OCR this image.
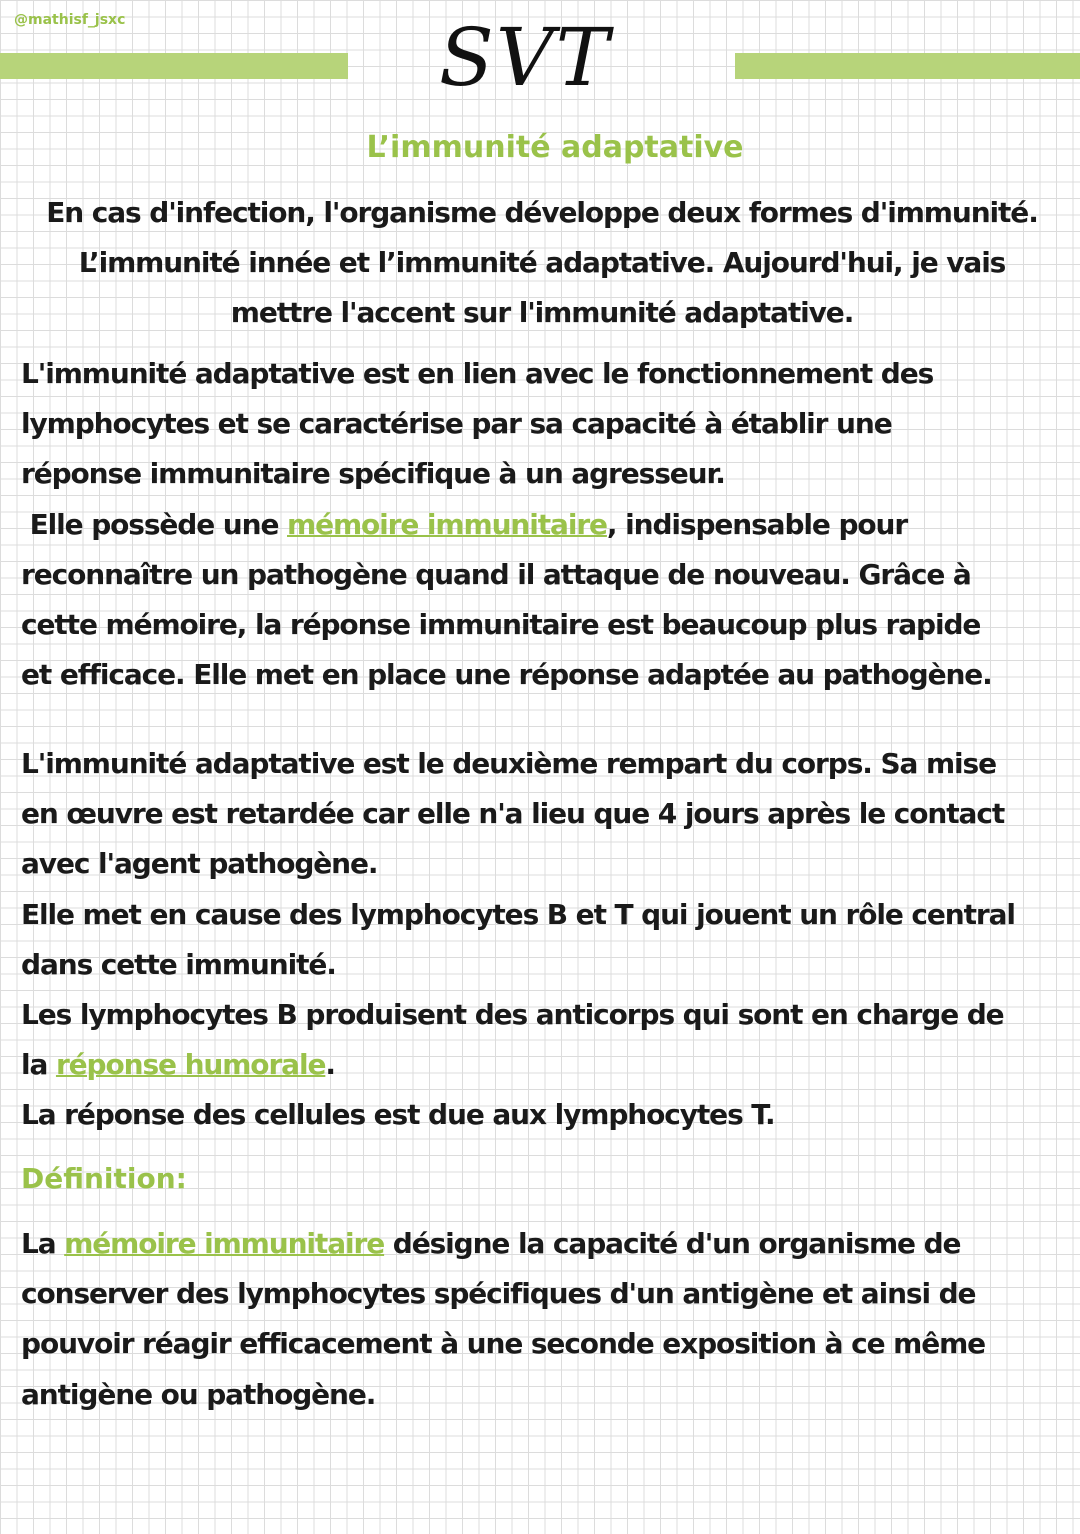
@mathisf_jsxc	SVT
L’immunité adaptative
En cas d'infection, l'organisme développe deux formes d'immunité.
L’immunité innée et l’immunité adaptative. Aujourd'hui, je vais
mettre l'accent sur l'immunité adaptative.
L'immunité adaptative est en lien avec le fonctionnement des
lymphocytes et se caractérise par sa capacité à établir une
réponse immunitaire spécifique à un agresseur.
Elle possède une mémoire immunitaire, indispensable pour
reconnaître un pathogène quand il attaque de nouveau. Grâce à
cette mémoire, la réponse immunitaire est beaucoup plus rapide
et efficace. Elle met en place une réponse adaptée au pathogène.
L'immunité adaptative est le deuxième rempart du corps. Sa mise
en œuvre est retardée car elle n'a lieu que 4 jours après le contact
avec l'agent pathogène.
Elle met en cause des lymphocytes B et T qui jouent un rôle central
dans cette immunité.
Les lymphocytes B produisent des anticorps qui sont en charge de
la réponse humorale.
La réponse des cellules est due aux lymphocytes T.
Définition:
La mémoire immunitaire désigne la capacité d'un organisme de
conserver des lymphocytes spécifiques d'un antigène et ainsi de
pouvoir réagir efficacement à une seconde exposition à ce même
antigène ou pathogène.
